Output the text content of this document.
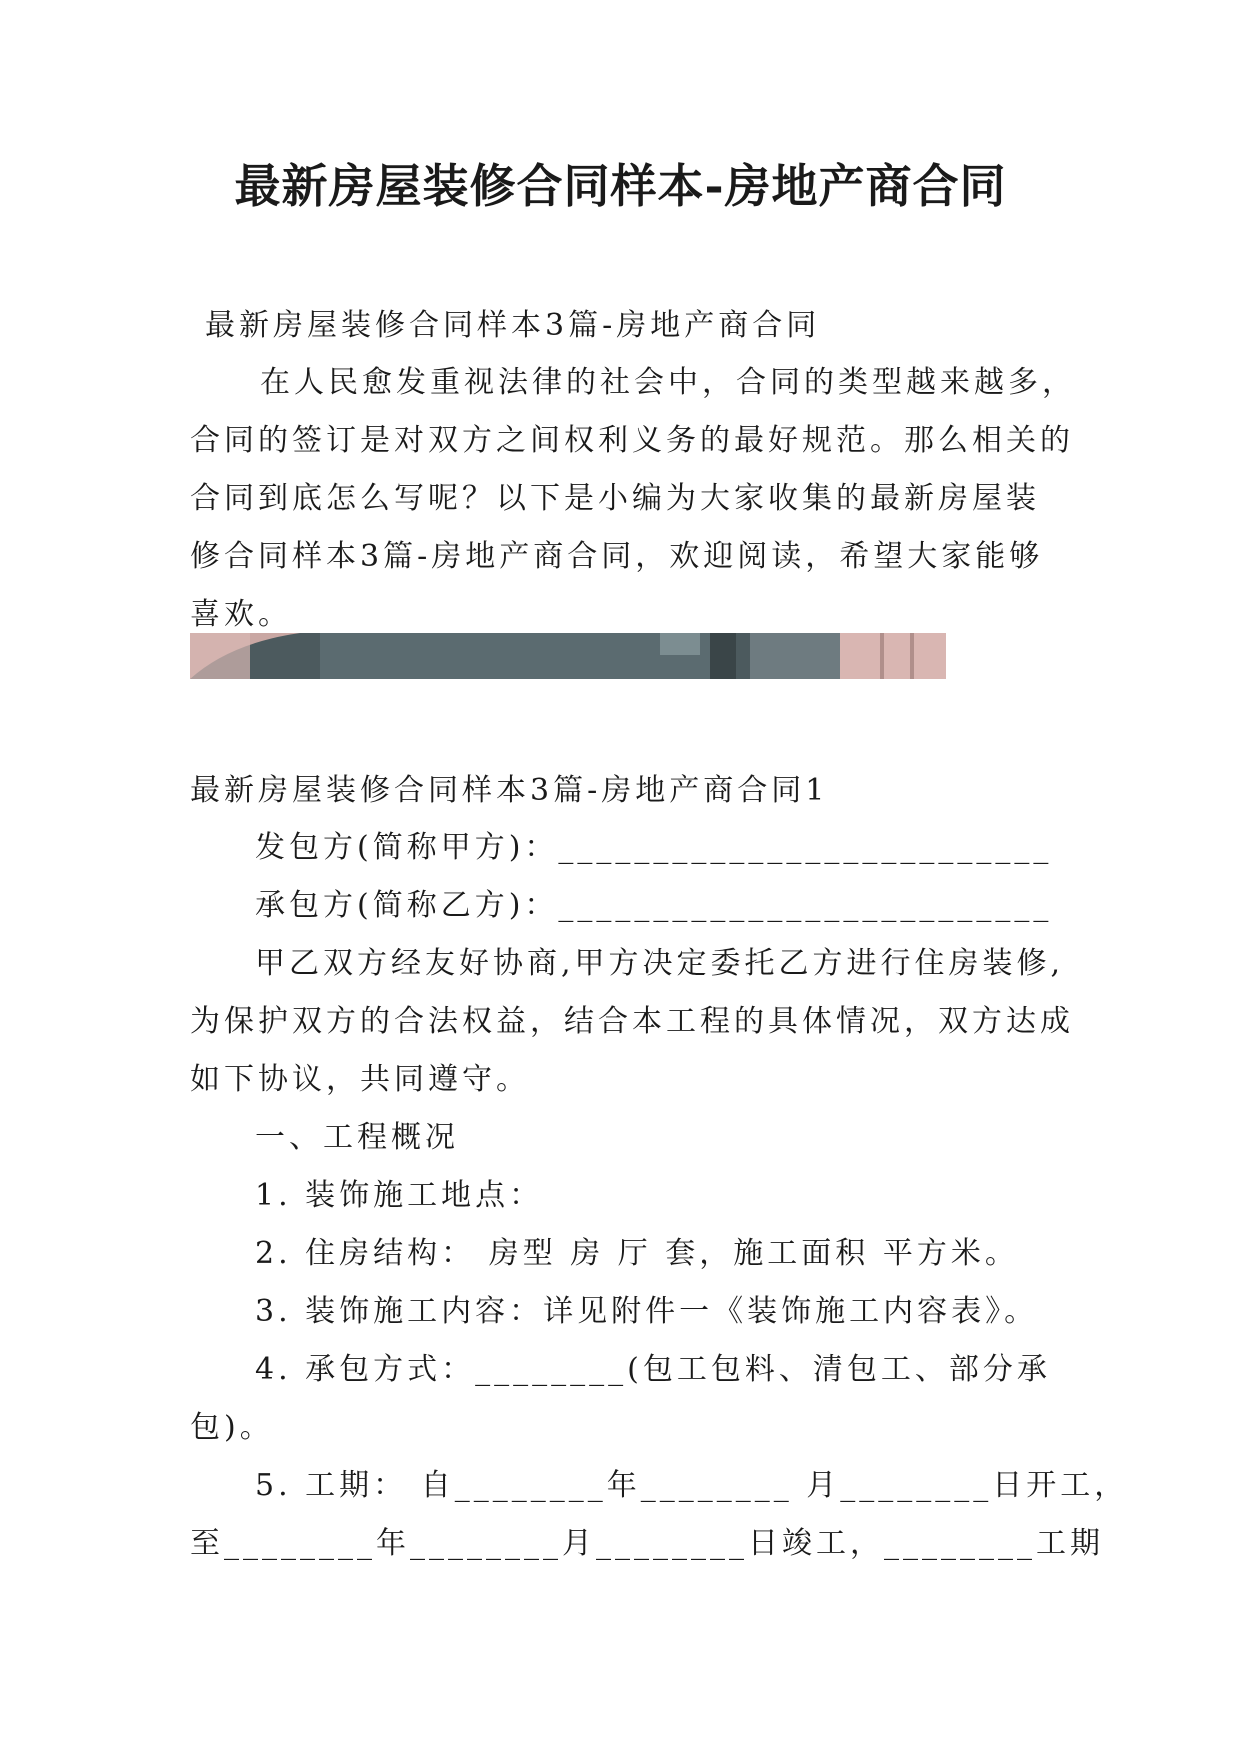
最新房屋装修合同样本-房地产商合同
最新房屋装修合同样本3篇-房地产商合同
在人民愈发重视法律的社会中，合同的类型越来越多，
合同的签订是对双方之间权利义务的最好规范。那么相关的
合同到底怎么写呢？以下是小编为大家收集的最新房屋装
修合同样本3篇-房地产商合同，欢迎阅读，希望大家能够
喜欢。
最新房屋装修合同样本3篇-房地产商合同1
发包方(简称甲方)：__________________________
承包方(简称乙方)：__________________________
甲乙双方经友好协商,甲方决定委托乙方进行住房装修,
为保护双方的合法权益，结合本工程的具体情况，双方达成
如下协议，共同遵守。
一、工程概况
1. 装饰施工地点：
2. 住房结构： 房型 房 厅 套，施工面积 平方米。
3. 装饰施工内容：详见附件一《装饰施工内容表》。
4. 承包方式：________(包工包料、清包工、部分承
包)。
5. 工期： 自________年________ 月________日开工，
至________年________月________日竣工，________工期
